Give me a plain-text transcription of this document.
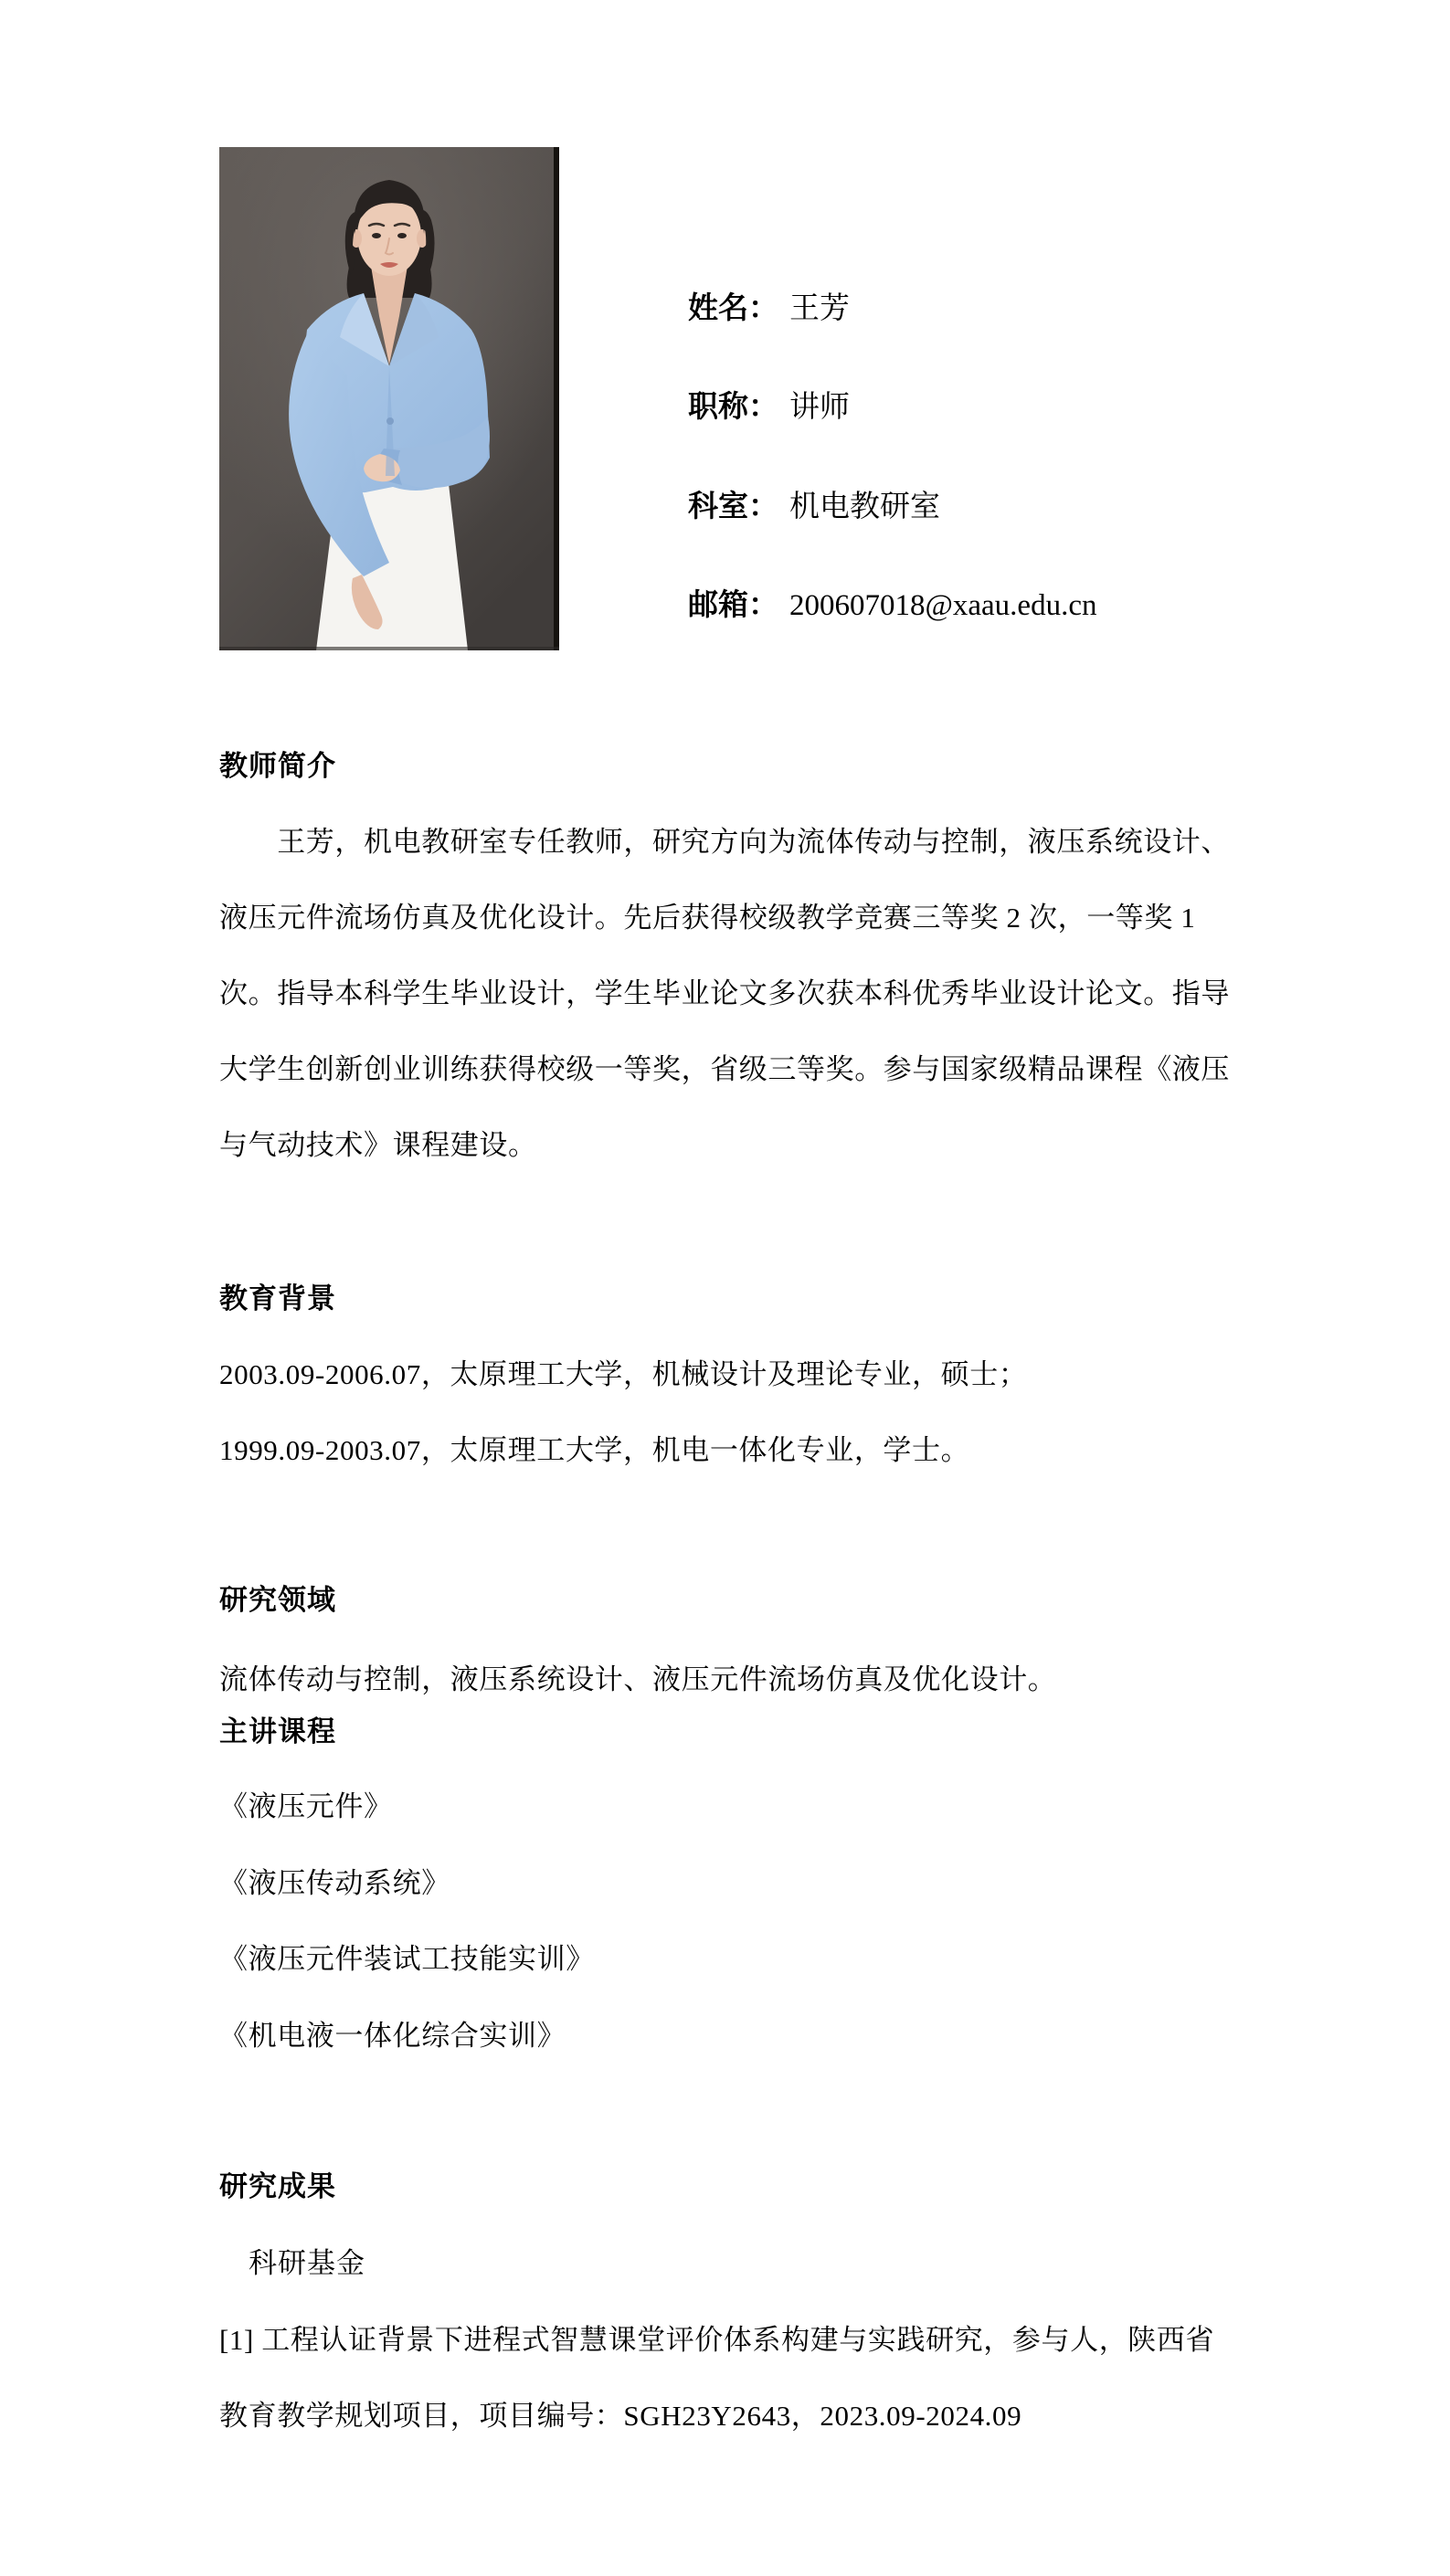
姓名： 王芳
职称： 讲师
科室： 机电教研室
邮箱： 200607018@xaau.edu.cn
教师简介
　　王芳，机电教研室专任教师，研究方向为流体传动与控制，液压系统设计、
液压元件流场仿真及优化设计。先后获得校级教学竞赛三等奖 2 次，一等奖 1
次。指导本科学生毕业设计，学生毕业论文多次获本科优秀毕业设计论文。指导
大学生创新创业训练获得校级一等奖，省级三等奖。参与国家级精品课程《液压
与气动技术》课程建设。
教育背景
2003.09-2006.07，太原理工大学，机械设计及理论专业，硕士；
1999.09-2003.07，太原理工大学，机电一体化专业，学士。
研究领域
流体传动与控制，液压系统设计、液压元件流场仿真及优化设计。
主讲课程
《液压元件》
《液压传动系统》
《液压元件装试工技能实训》
《机电液一体化综合实训》
研究成果
　科研基金
[1] 工程认证背景下进程式智慧课堂评价体系构建与实践研究，参与人，陕西省
教育教学规划项目，项目编号：SGH23Y2643，2023.09-2024.09
